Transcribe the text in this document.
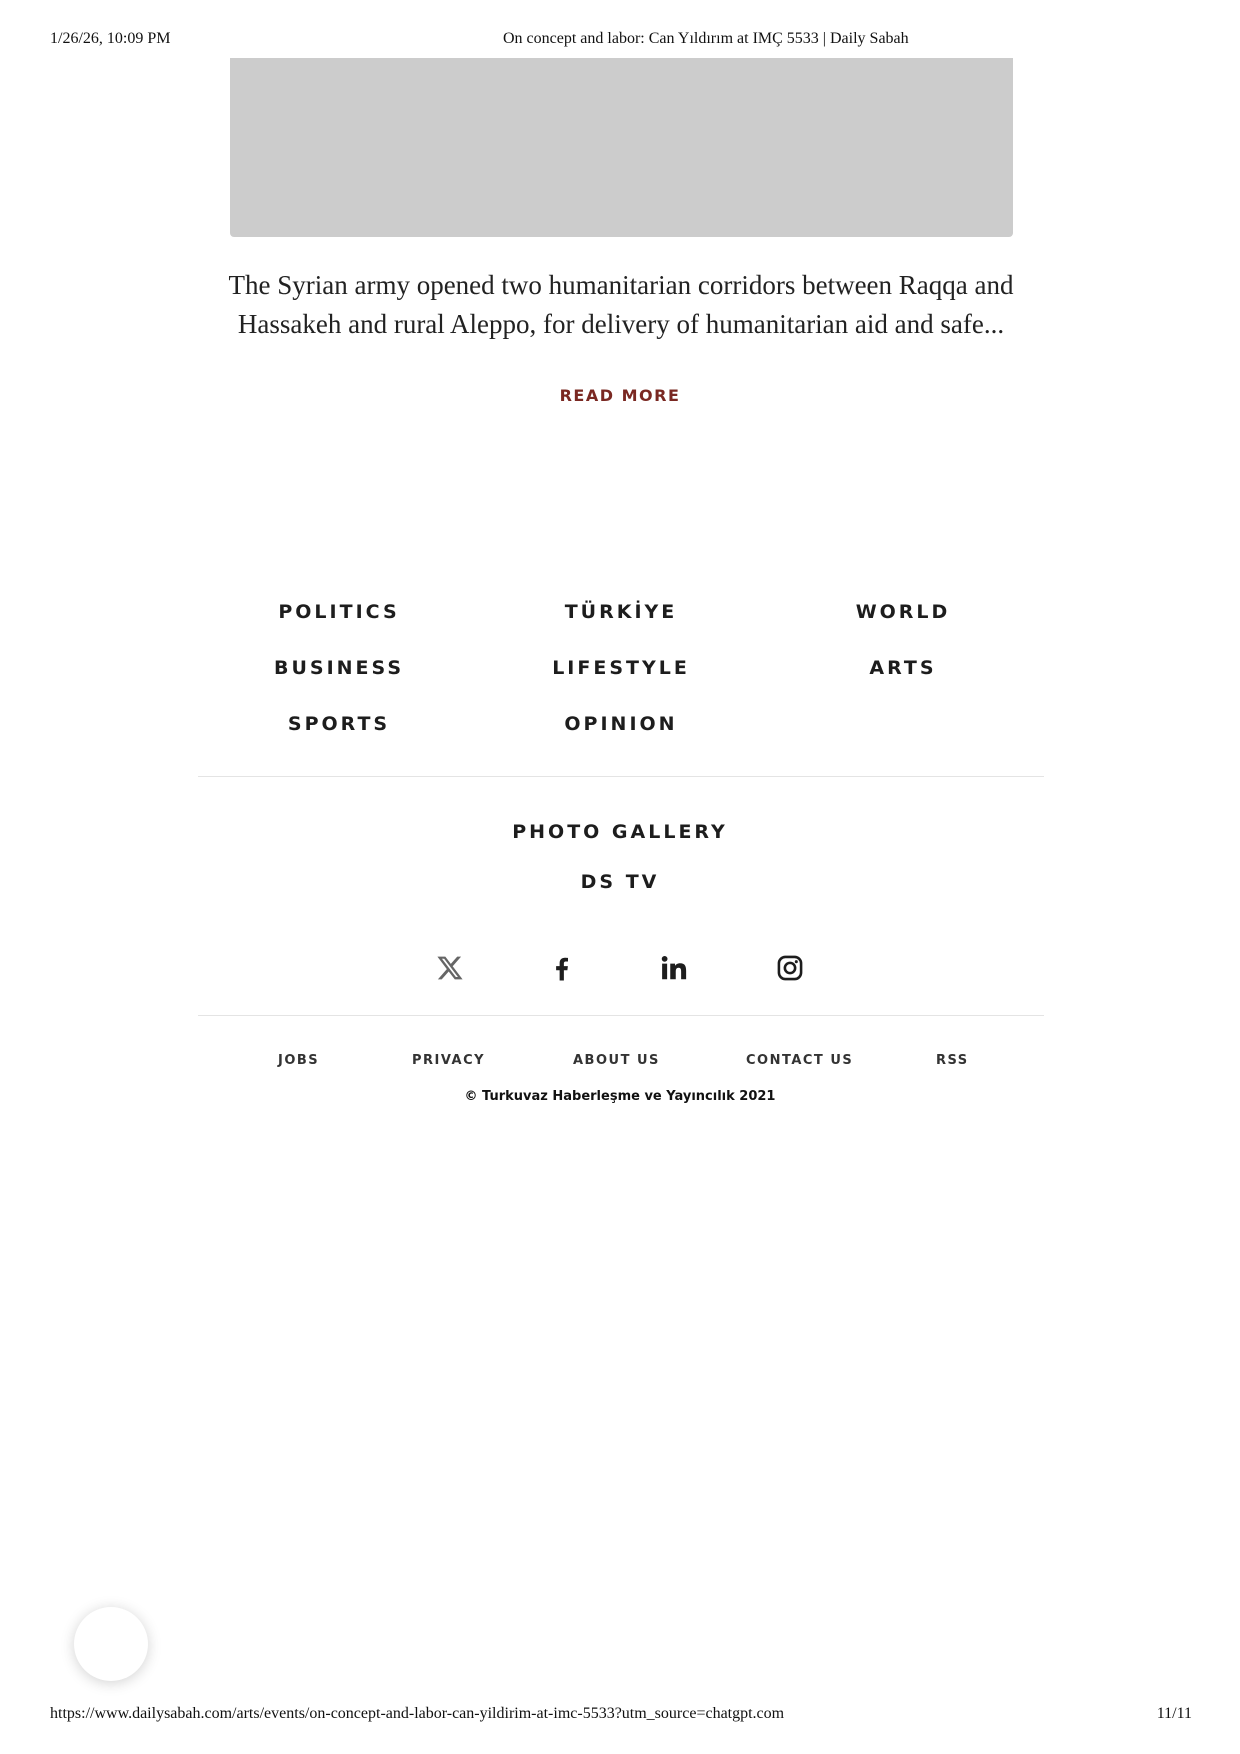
1/26/26, 10:09 PM	On concept and labor: Can Yıldırım at IMÇ 5533 | Daily Sabah

The Syrian army opened two humanitarian corridors between Raqqa and Hassakeh and rural Aleppo, for delivery of humanitarian aid and safe...

READ MORE
POLITICS	TÜRKİYE	WORLD
BUSINESS	LIFESTYLE	ARTS
SPORTS	OPINION
PHOTO GALLERY
DS TV
JOBS	PRIVACY	ABOUT US	CONTACT US	RSS
© Turkuvaz Haberleşme ve Yayıncılık 2021
https://www.dailysabah.com/arts/events/on-concept-and-labor-can-yildirim-at-imc-5533?utm_source=chatgpt.com	11/11
